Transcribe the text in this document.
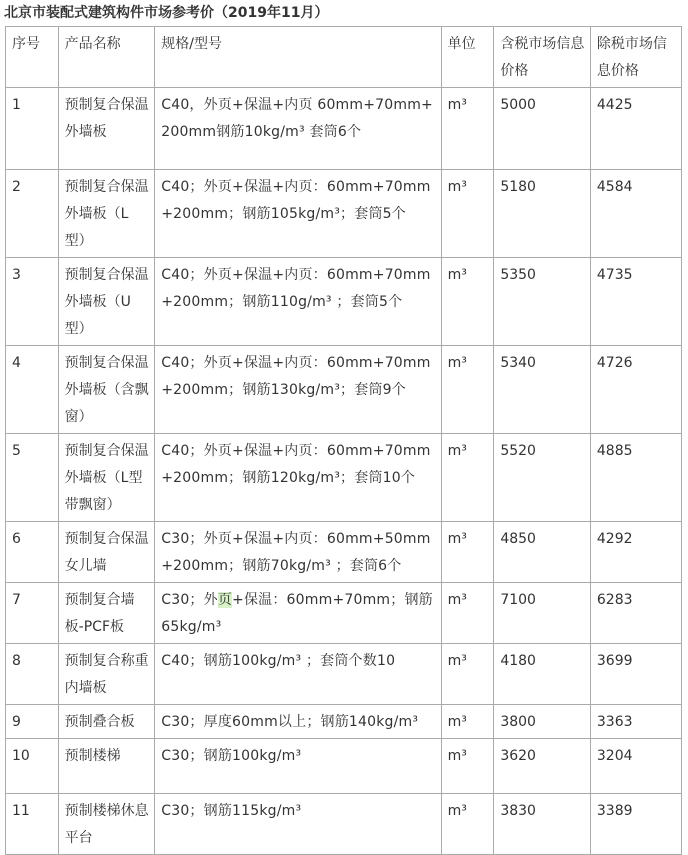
北京市装配式建筑构件市场参考价（2019年11月）
序号	产品名称	规格/型号	单位	含税市场信息价格	除税市场信息价格
1	预制复合保温外墙板	C40，外页+保温+内页 60mm+70mm+200mm钢筋10kg/m³ 套筒6个	m³	5000	4425
2	预制复合保温外墙板（L型）	C40；外页+保温+内页：60mm+70mm+200mm；钢筋105kg/m³；套筒5个	m³	5180	4584
3	预制复合保温外墙板（U型）	C40；外页+保温+内页：60mm+70mm+200mm；钢筋110g/m³ ；套筒5个	m³	5350	4735
4	预制复合保温外墙板（含飘窗）	C40；外页+保温+内页：60mm+70mm+200mm；钢筋130kg/m³；套筒9个	m³	5340	4726
5	预制复合保温外墙板（L型带飘窗）	C40；外页+保温+内页：60mm+70mm+200mm；钢筋120kg/m³；套筒10个	m³	5520	4885
6	预制复合保温女儿墙	C30；外页+保温+内页：60mm+50mm+200mm；钢筋70kg/m³ ；套筒6个	m³	4850	4292
7	预制复合墙板-PCF板	C30；外页+保温：60mm+70mm；钢筋65kg/m³	m³	7100	6283
8	预制复合称重内墙板	C40；钢筋100kg/m³ ；套筒个数10	m³	4180	3699
9	预制叠合板	C30；厚度60mm以上；钢筋140kg/m³	m³	3800	3363
10	预制楼梯	C30；钢筋100kg/m³	m³	3620	3204
11	预制楼梯休息平台	C30；钢筋115kg/m³	m³	3830	3389
